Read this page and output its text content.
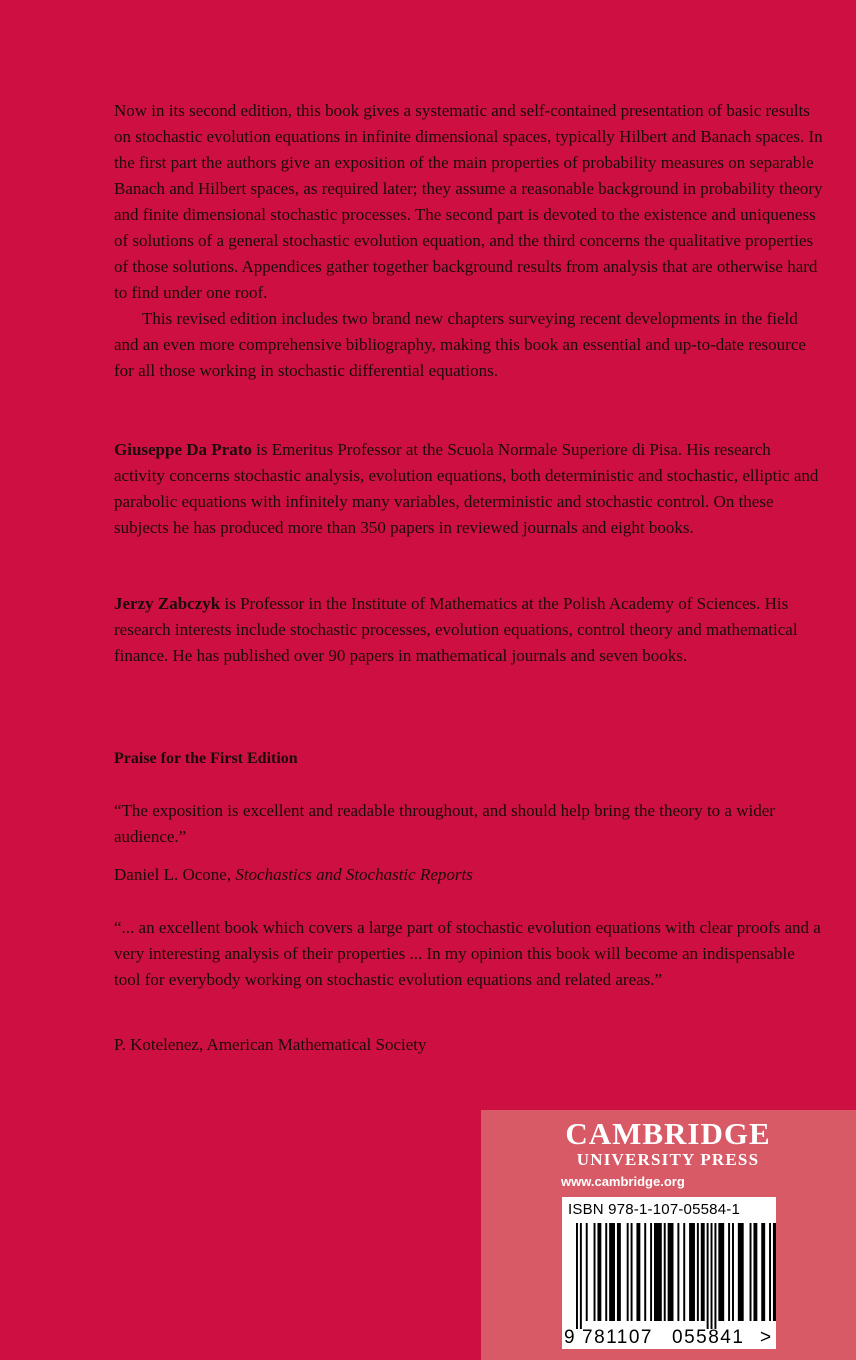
Now in its second edition, this book gives a systematic and self-contained presentation of basic results on stochastic evolution equations in infinite dimensional spaces, typically Hilbert and Banach spaces. In the first part the authors give an exposition of the main properties of probability measures on separable Banach and Hilbert spaces, as required later; they assume a reasonable background in probability theory and finite dimensional stochastic processes. The second part is devoted to the existence and uniqueness of solutions of a general stochastic evolution equation, and the third concerns the qualitative properties of those solutions. Appendices gather together background results from analysis that are otherwise hard to find under one roof.

This revised edition includes two brand new chapters surveying recent developments in the field and an even more comprehensive bibliography, making this book an essential and up-to-date resource for all those working in stochastic differential equations.

Giuseppe Da Prato is Emeritus Professor at the Scuola Normale Superiore di Pisa. His research activity concerns stochastic analysis, evolution equations, both deterministic and stochastic, elliptic and parabolic equations with infinitely many variables, deterministic and stochastic control. On these subjects he has produced more than 350 papers in reviewed journals and eight books.

Jerzy Zabczyk is Professor in the Institute of Mathematics at the Polish Academy of Sciences. His research interests include stochastic processes, evolution equations, control theory and mathematical finance. He has published over 90 papers in mathematical journals and seven books.

Praise for the First Edition

“The exposition is excellent and readable throughout, and should help bring the theory to a wider audience.”

Daniel L. Ocone, Stochastics and Stochastic Reports

“... an excellent book which covers a large part of stochastic evolution equations with clear proofs and a very interesting analysis of their properties ... In my opinion this book will become an indispensable tool for everybody working on stochastic evolution equations and related areas.”

P. Kotelenez, American Mathematical Society
CAMBRIDGE
UNIVERSITY PRESS
www.cambridge.org
9 781107 055841 >
ISBN 978-1-107-05584-1
